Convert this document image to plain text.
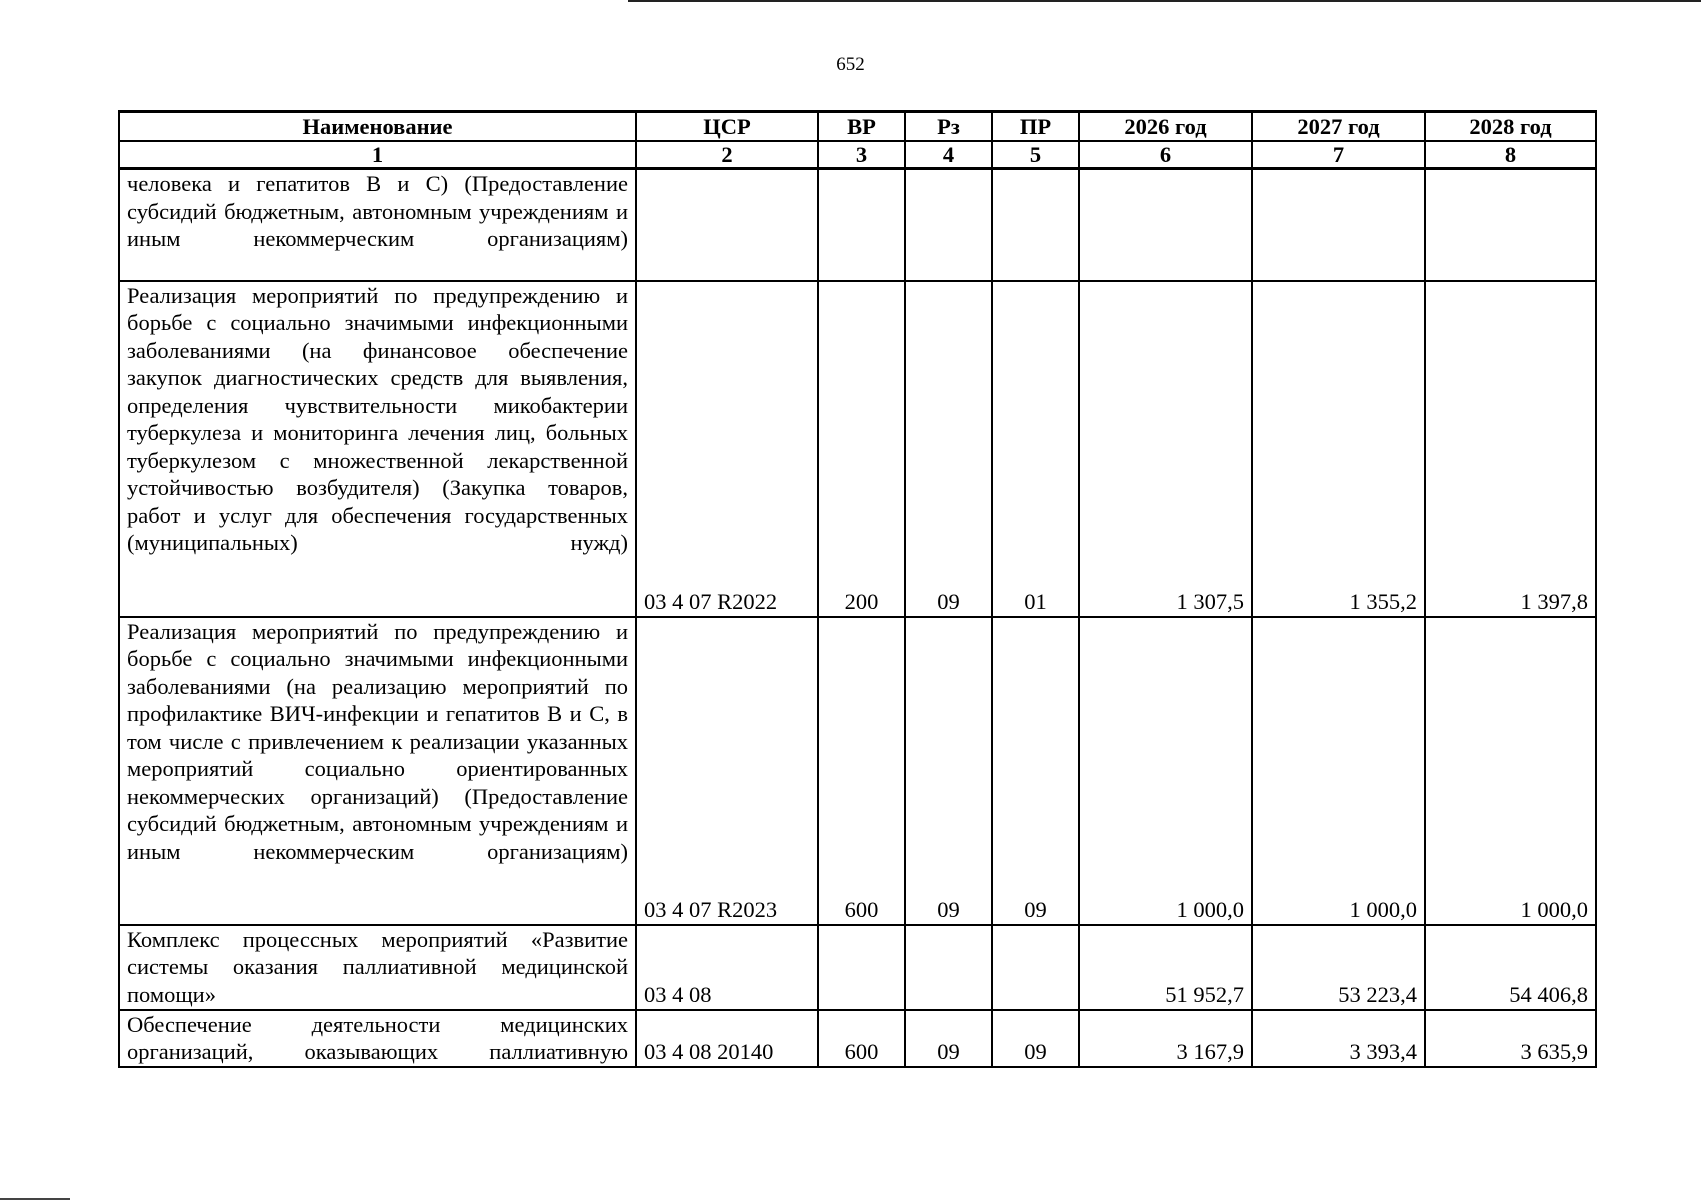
652
Наименование	ЦСР	ВР	Рз	ПР	2026 год	2027 год	2028 год
1	2	3	4	5	6	7	8
человека и гепатитов В и С) (Предоставление субсидий бюджетным, автономным учреждениям и иным некоммерческим организациям)							
Реализация мероприятий по предупреждению и борьбе с социально значимыми инфекционными заболеваниями (на финансовое обеспечение закупок диагностических средств для выявления, определения чувствительности микобактерии туберкулеза и мониторинга лечения лиц, больных туберкулезом с множественной лекарственной устойчивостью возбудителя) (Закупка товаров, работ и услуг для обеспечения государственных (муниципальных) нужд)	03 4 07 R2022	200	09	01	1 307,5	1 355,2	1 397,8
Реализация мероприятий по предупреждению и борьбе с социально значимыми инфекционными заболеваниями (на реализацию мероприятий по профилактике ВИЧ-инфекции и гепатитов В и С, в том числе с привлечением к реализации указанных мероприятий социально ориентированных некоммерческих организаций) (Предоставление субсидий бюджетным, автономным учреждениям и иным некоммерческим организациям)	03 4 07 R2023	600	09	09	1 000,0	1 000,0	1 000,0
Комплекс процессных мероприятий «Развитие системы оказания паллиативной медицинской помощи»	03 4 08				51 952,7	53 223,4	54 406,8
Обеспечение деятельности медицинских организаций, оказывающих паллиативную	03 4 08 20140	600	09	09	3 167,9	3 393,4	3 635,9
